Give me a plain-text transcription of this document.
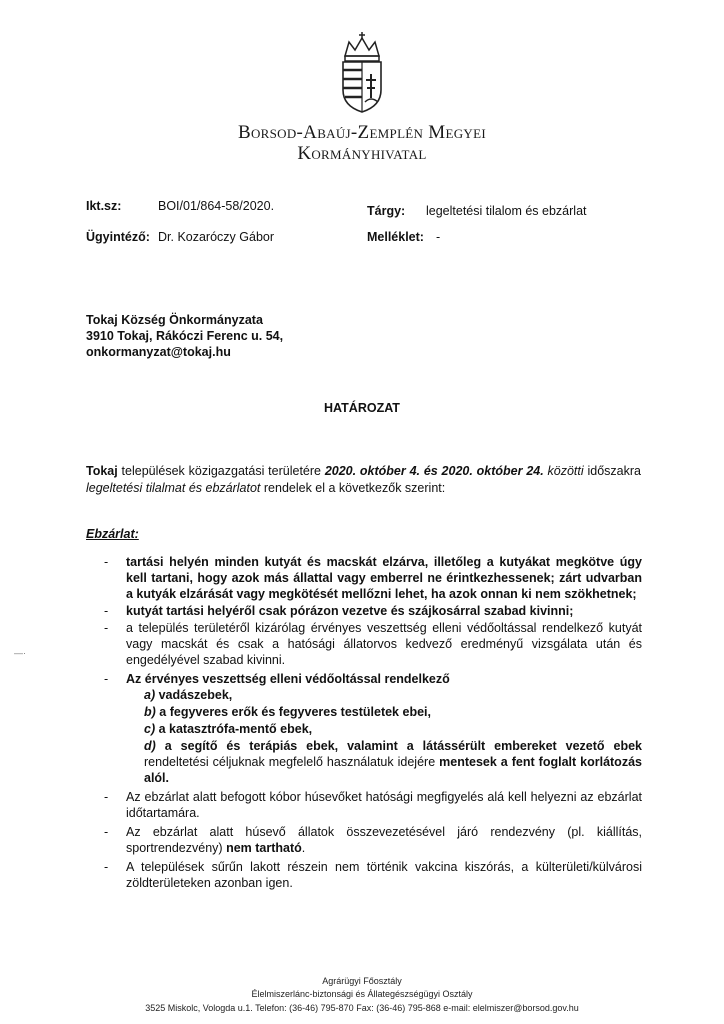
Borsod-Abaúj-Zemplén Megyei
Kormányhivatal
Ikt.sz:	BOI/01/864-58/2020.	Tárgy: legeltetési tilalom és ebzárlat
Ügyintéző: Dr. Kozaróczy Gábor	Melléklet: -
Tokaj Község Önkormányzata
3910 Tokaj, Rákóczi Ferenc u. 54,
onkormanyzat@tokaj.hu
HATÁROZAT
Tokaj települések közigazgatási területére 2020. október 4. és 2020. október 24. közötti időszakra legeltetési tilalmat és ebzárlatot rendelek el a következők szerint:
Ebzárlat:
- tartási helyén minden kutyát és macskát elzárva, illetőleg a kutyákat megkötve úgy kell tartani, hogy azok más állattal vagy emberrel ne érintkezhessenek; zárt udvarban a kutyák elzárását vagy megkötését mellőzni lehet, ha azok onnan ki nem szökhetnek;
- kutyát tartási helyéről csak pórázon vezetve és szájkosárral szabad kivinni;
- a település területéről kizárólag érvényes veszettség elleni védőoltással rendelkező kutyát vagy macskát és csak a hatósági állatorvos kedvező eredményű vizsgálata után és engedélyével szabad kivinni.
- Az érvényes veszettség elleni védőoltással rendelkező
a) vadászebek,
b) a fegyveres erők és fegyveres testületek ebei,
c) a katasztrófa-mentő ebek,
d) a segítő és terápiás ebek, valamint a látássérült embereket vezető ebek rendeltetési céljuknak megfelelő használatuk idejére mentesek a fent foglalt korlátozás alól.
- Az ebzárlat alatt befogott kóbor húsevőket hatósági megfigyelés alá kell helyezni az ebzárlat időtartamára.
- Az ebzárlat alatt húsevő állatok összevezetésével járó rendezvény (pl. kiállítás, sportrendezvény) nem tartható.
- A települések sűrűn lakott részein nem történik vakcina kiszórás, a külterületi/külvárosi zöldterületeken azonban igen.
—·
Agrárügyi Főosztály
Élelmiszerlánc-biztonsági és Állategészségügyi Osztály
3525 Miskolc, Vologda u.1. Telefon: (36-46) 795-870 Fax: (36-46) 795-868 e-mail: elelmiszer@borsod.gov.hu
